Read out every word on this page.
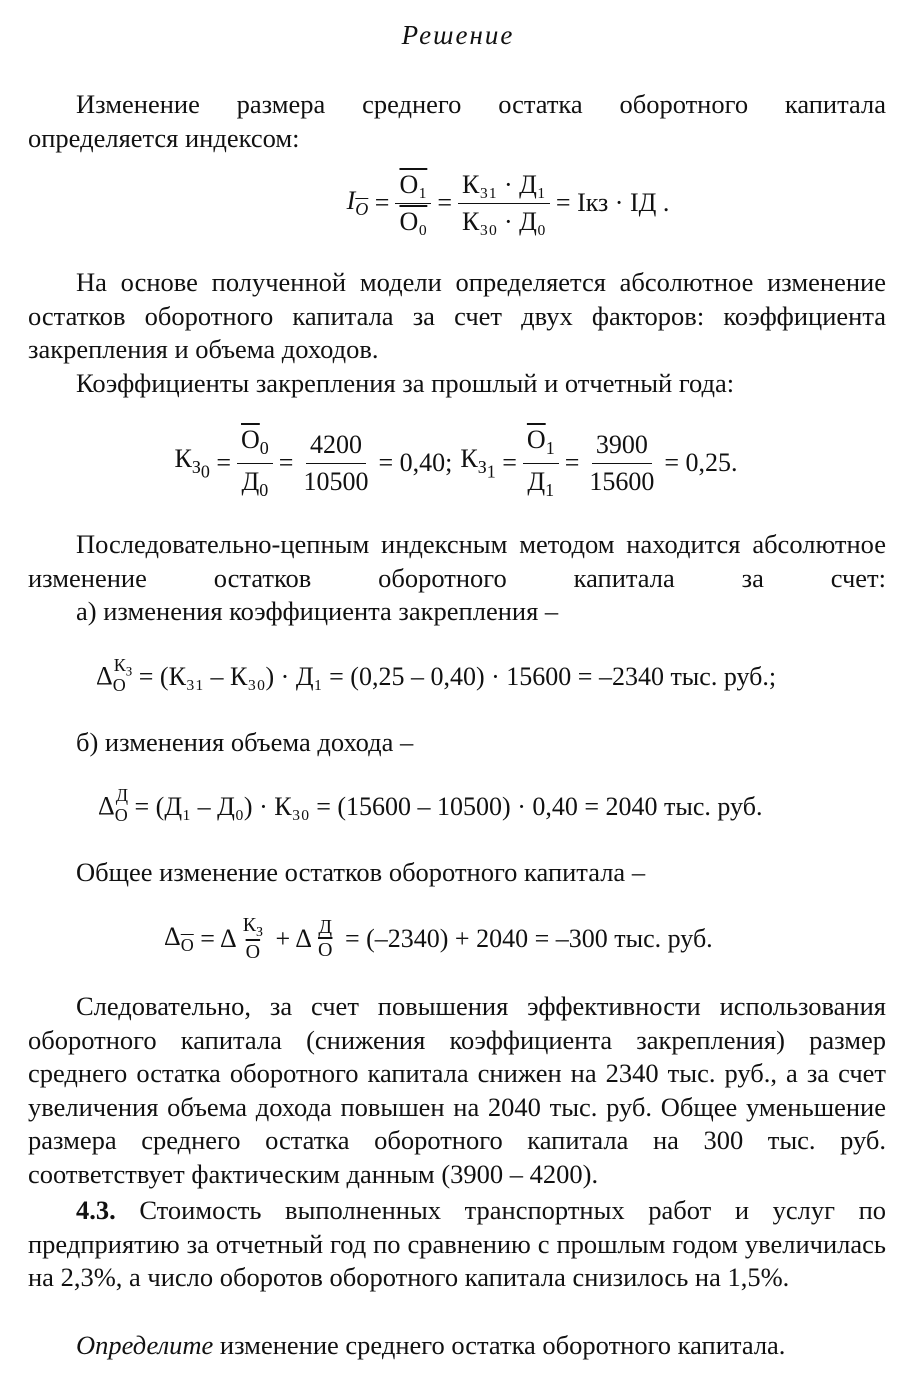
Решение
Изменение размера среднего остатка оборотного капитала определяется индексом:
$I_{\overline{O}} = \frac{\text{O₁}}{\text{O₀}} = \frac{\text{К₃₁ · Д₁}}{\text{К₃₀ · Д₀}}$ = Iкз · IД .
На основе полученной модели определяется абсолютное изменение остатков оборотного капитала за счет двух факторов: коэффициента закрепления и объема доходов.
Коэффициенты закрепления за прошлый и отчетный года:
$К_{З_0} = \frac{\overline{O}_0}{Д_0} = \frac{4200}{10500} = 0,40$; $К_{З_1} = \frac{\overline{O}_1}{Д_1} = \frac{3900}{15600} = 0,25$.
Последовательно-цепным индексным методом находится абсолютное изменение остатков оборотного капитала за счет:
а) изменения коэффициента закрепления –
$\Delta_O^{К_З}$
= (К₃₁ – К₃₀) · Д₁ = (0,25 – 0,40) · 15600 = –2340 тыс. руб.;
б) изменения объема дохода –
$\Delta_O^Д$
= (Д₁ – Д₀) · К₃₀ = (15600 – 10500) · 0,40 = 2040 тыс. руб.
Общее изменение остатков оборотного капитала –
$\Delta_{\overline{O}} = \Delta \frac{К_З}{O} + \Delta \frac{Д}{O}$
= (–2340) + 2040 = –300 тыс. руб.
Следовательно, за счет повышения эффективности использования оборотного капитала (снижения коэффициента закрепления) размер среднего остатка оборотного капитала снижен на 2340 тыс. руб., а за счет увеличения объема дохода повышен на 2040 тыс. руб. Общее уменьшение размера среднего остатка оборотного капитала на 300 тыс. руб. соответствует фактическим данным (3900 – 4200).
4.3. Стоимость выполненных транспортных работ и услуг по предприятию за отчетный год по сравнению с прошлым годом увеличилась на 2,3%, а число оборотов оборотного капитала снизилось на 1,5%.
Определите изменение среднего остатка оборотного капитала.
